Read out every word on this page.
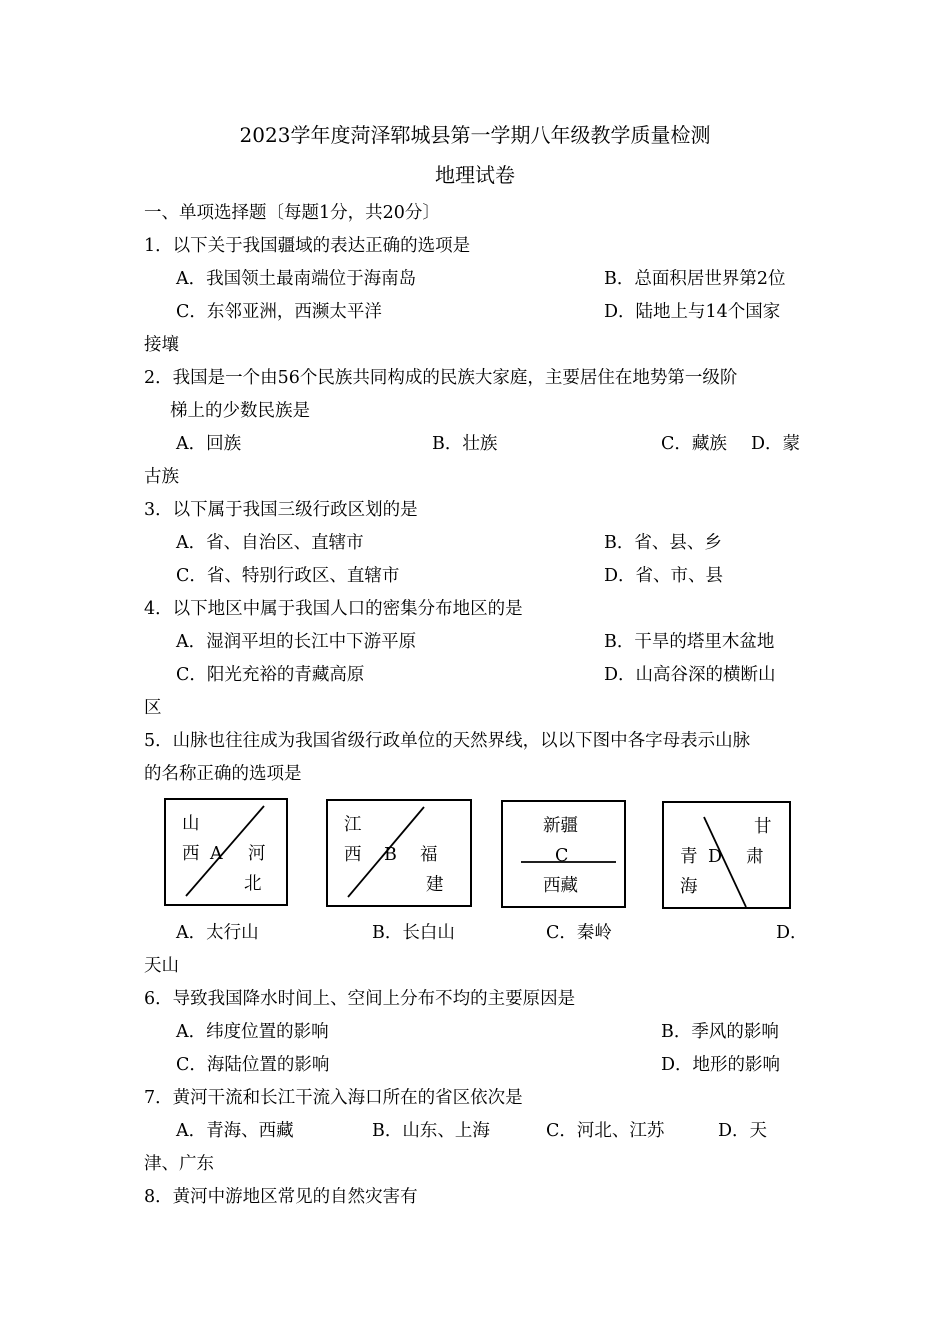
2023学年度菏泽郓城县第一学期八年级教学质量检测
地理试卷
一、单项选择题〔每题1分，共20分〕
1．以下关于我国疆域的表达正确的选项是
A．我国领土最南端位于海南岛	B．总面积居世界第2位
C．东邻亚洲，西濒太平洋	D．陆地上与14个国家
接壤
2．我国是一个由56个民族共同构成的民族大家庭，主要居住在地势第一级阶
梯上的少数民族是
A．回族	B．壮族	C．藏族 D．蒙
古族
3．以下属于我国三级行政区划的是
A．省、自治区、直辖市	B．省、县、乡
C．省、特别行政区、直辖市	D．省、市、县
4．以下地区中属于我国人口的密集分布地区的是
A．湿润平坦的长江中下游平原	B．干旱的塔里木盆地
C．阳光充裕的青藏高原	D．山高谷深的横断山
区
5．山脉也往往成为我国省级行政单位的天然界线，以以下图中各字母表示山脉
的名称正确的选项是
山
西 A 河
北
江
西 B 福
建
新疆
C
西藏
甘
肃
青 D
海
A．太行山	B．长白山	C．秦岭	D．
天山
6．导致我国降水时间上、空间上分布不均的主要原因是
A．纬度位置的影响	B．季风的影响
C．海陆位置的影响	D．地形的影响
7．黄河干流和长江干流入海口所在的省区依次是
A．青海、西藏	B．山东、上海	C．河北、江苏	D．天
津、广东
8．黄河中游地区常见的自然灾害有
